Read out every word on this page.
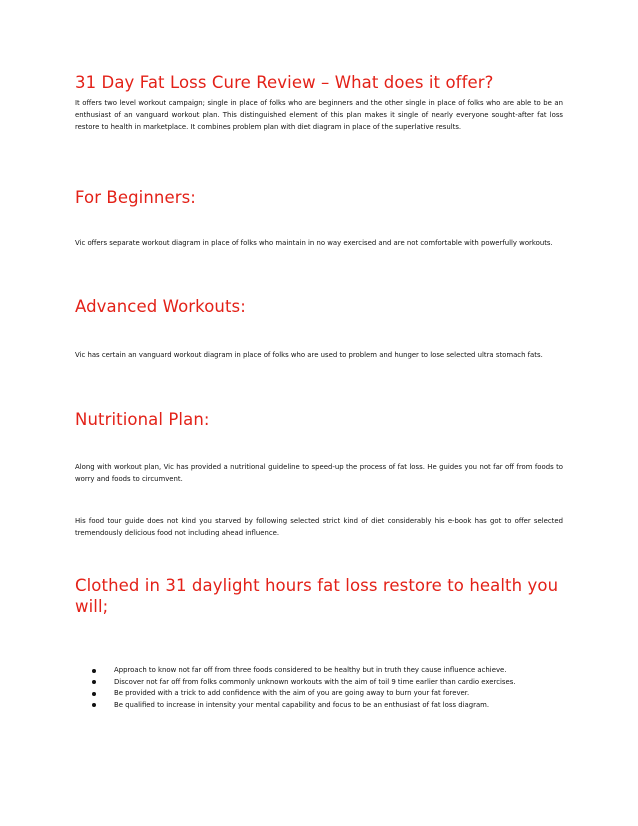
31 Day Fat Loss Cure Review – What does it offer?

It offers two level workout campaign; single in place of folks who are beginners and the other single in place of folks who are able to be an enthusiast of an vanguard workout plan. This distinguished element of this plan makes it single of nearly everyone sought-after fat loss restore to health in marketplace. It combines problem plan with diet diagram in place of the superlative results.

For Beginners:

Vic offers separate workout diagram in place of folks who maintain in no way exercised and are not comfortable with powerfully workouts.

Advanced Workouts:

Vic has certain an vanguard workout diagram in place of folks who are used to problem and hunger to lose selected ultra stomach fats.

Nutritional Plan:

Along with workout plan, Vic has provided a nutritional guideline to speed-up the process of fat loss. He guides you not far off from foods to worry and foods to circumvent.

His food tour guide does not kind you starved by following selected strict kind of diet considerably his e-book has got to offer selected tremendously delicious food not including ahead influence.

Clothed in 31 daylight hours fat loss restore to health you will;
Approach to know not far off from three foods considered to be healthy but in truth they cause influence achieve.
Discover not far off from folks commonly unknown workouts with the aim of toil 9 time earlier than cardio exercises.
Be provided with a trick to add confidence with the aim of you are going away to burn your fat forever.
Be qualified to increase in intensity your mental capability and focus to be an enthusiast of fat loss diagram.
